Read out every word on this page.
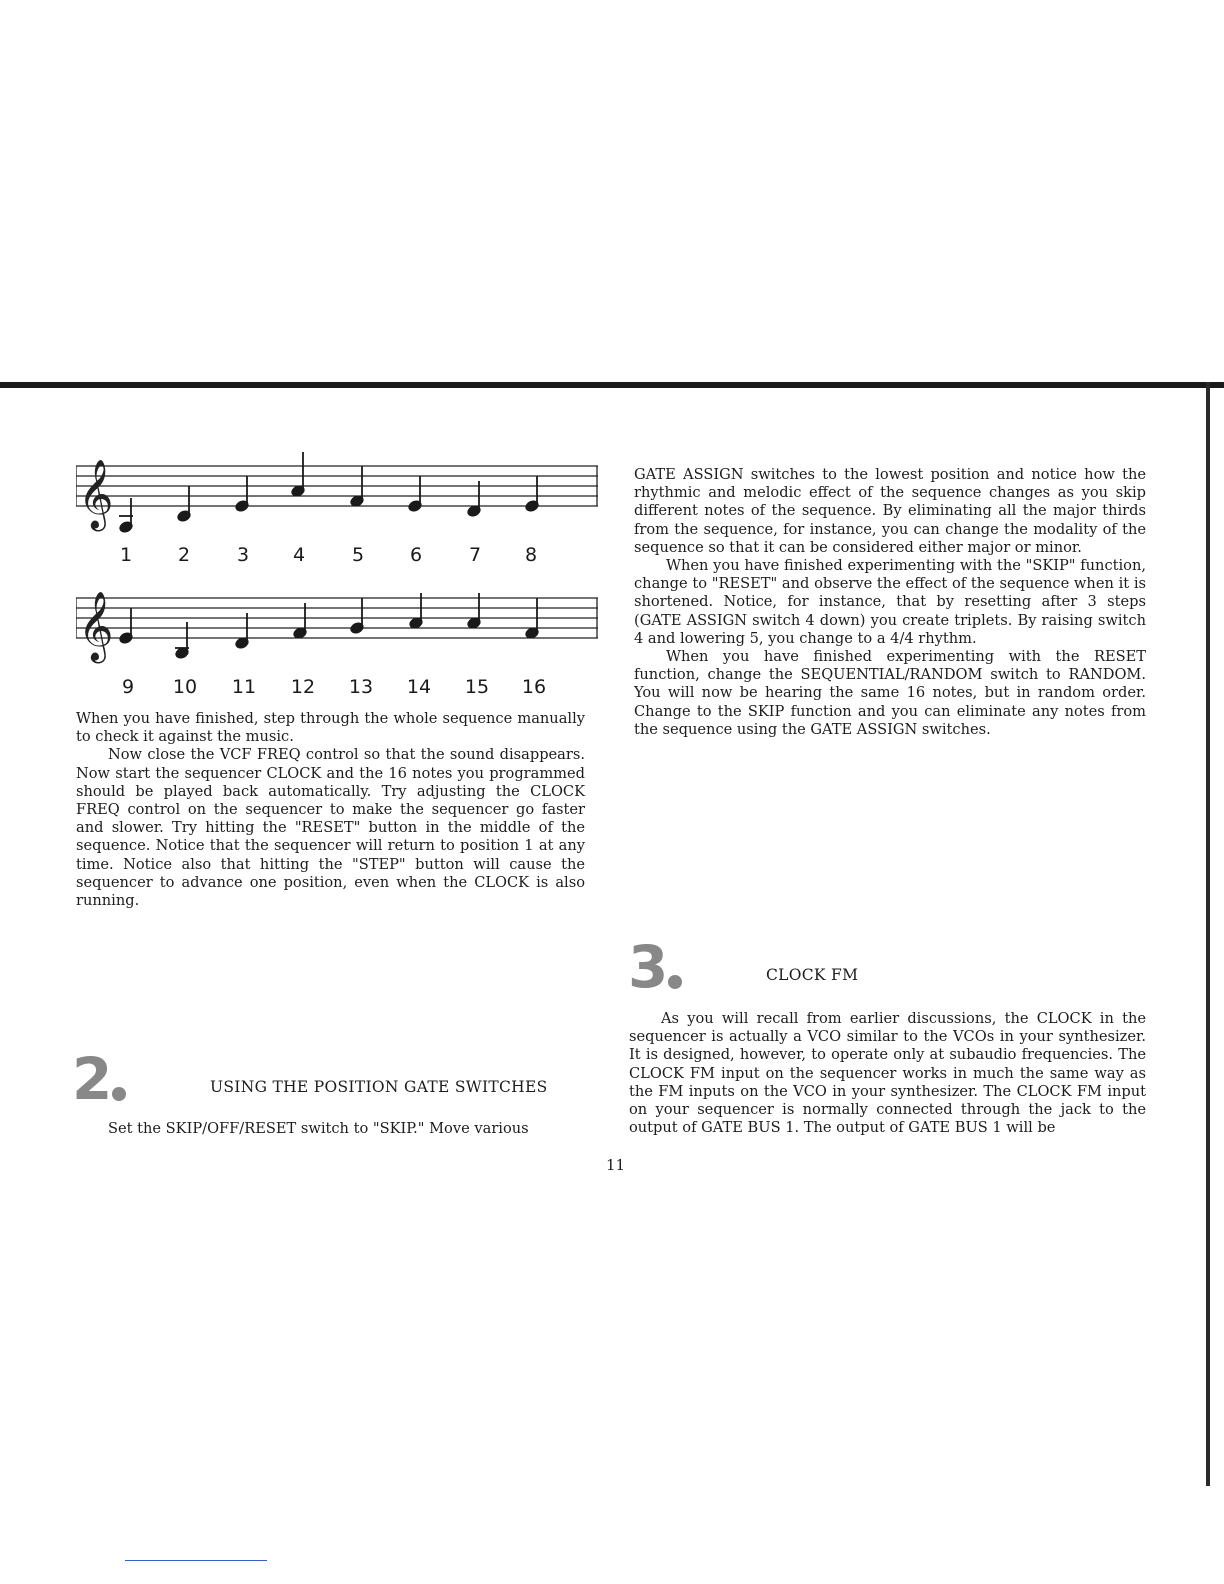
𝄞
1 2 3 4 5 6 7 8
𝄞
9 10 11 12 13 14 15 16

When you have finished, step through the whole sequence manually to check it against the music.

Now close the VCF FREQ control so that the sound disappears. Now start the sequencer CLOCK and the 16 notes you programmed should be played back automatically. Try adjusting the CLOCK FREQ control on the sequencer to make the sequencer go faster and slower. Try hitting the "RESET" button in the middle of the sequence. Notice that the sequencer will return to position 1 at any time. Notice also that hitting the "STEP" button will cause the sequencer to advance one position, even when the CLOCK is also running.

2	USING THE POSITION GATE SWITCHES

Set the SKIP/OFF/RESET switch to "SKIP." Move various

GATE ASSIGN switches to the lowest position and notice how the rhythmic and melodic effect of the sequence changes as you skip different notes of the sequence. By eliminating all the major thirds from the sequence, for instance, you can change the modality of the sequence so that it can be considered either major or minor.

When you have finished experimenting with the "SKIP" function, change to "RESET" and observe the effect of the sequence when it is shortened. Notice, for instance, that by resetting after 3 steps (GATE ASSIGN switch 4 down) you create triplets. By raising switch 4 and lowering 5, you change to a 4/4 rhythm.

When you have finished experimenting with the RESET function, change the SEQUENTIAL/RANDOM switch to RANDOM. You will now be hearing the same 16 notes, but in random order. Change to the SKIP function and you can eliminate any notes from the sequence using the GATE ASSIGN switches.

3	CLOCK FM

As you will recall from earlier discussions, the CLOCK in the sequencer is actually a VCO similar to the VCOs in your synthesizer. It is designed, however, to operate only at subaudio frequencies. The CLOCK FM input on the sequencer works in much the same way as the FM inputs on the VCO in your synthesizer. The CLOCK FM input on your sequencer is normally connected through the jack to the output of GATE BUS 1. The output of GATE BUS 1 will be

11
